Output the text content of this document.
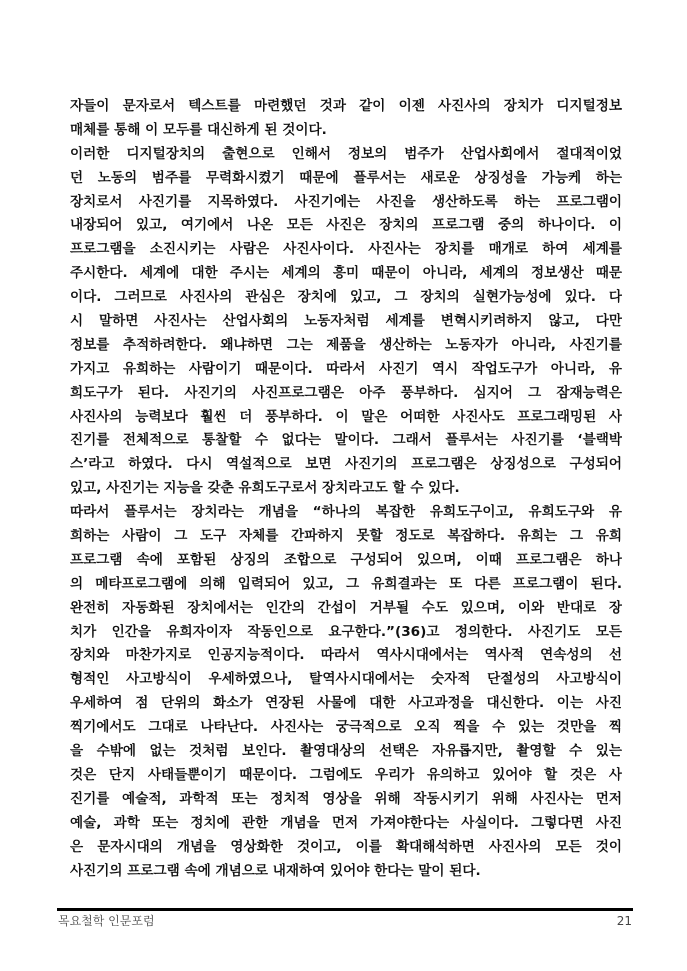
자들이 문자로서 텍스트를 마련했던 것과 같이 이젠 사진사의 장치가 디지털정보
매체를 통해 이 모두를 대신하게 된 것이다.
이러한 디지털장치의 출현으로 인해서 정보의 범주가 산업사회에서 절대적이었
던 노동의 범주를 무력화시켰기 때문에 플루서는 새로운 상징성을 가능케 하는
장치로서 사진기를 지목하였다. 사진기에는 사진을 생산하도록 하는 프로그램이
내장되어 있고, 여기에서 나온 모든 사진은 장치의 프로그램 중의 하나이다. 이
프로그램을 소진시키는 사람은 사진사이다. 사진사는 장치를 매개로 하여 세계를
주시한다. 세계에 대한 주시는 세계의 흥미 때문이 아니라, 세계의 정보생산 때문
이다. 그러므로 사진사의 관심은 장치에 있고, 그 장치의 실현가능성에 있다. 다
시 말하면 사진사는 산업사회의 노동자처럼 세계를 변혁시키려하지 않고, 다만
정보를 추적하려한다. 왜냐하면 그는 제품을 생산하는 노동자가 아니라, 사진기를
가지고 유희하는 사람이기 때문이다. 따라서 사진기 역시 작업도구가 아니라, 유
희도구가 된다. 사진기의 사진프로그램은 아주 풍부하다. 심지어 그 잠재능력은
사진사의 능력보다 훨씬 더 풍부하다. 이 말은 어떠한 사진사도 프로그래밍된 사
진기를 전체적으로 통찰할 수 없다는 말이다. 그래서 플루서는 사진기를 ‘블랙박
스’라고 하였다. 다시 역설적으로 보면 사진기의 프로그램은 상징성으로 구성되어
있고, 사진기는 지능을 갖춘 유희도구로서 장치라고도 할 수 있다.
따라서 플루서는 장치라는 개념을 “하나의 복잡한 유희도구이고, 유희도구와 유
희하는 사람이 그 도구 자체를 간파하지 못할 정도로 복잡하다. 유희는 그 유희
프로그램 속에 포함된 상징의 조합으로 구성되어 있으며, 이때 프로그램은 하나
의 메타프로그램에 의해 입력되어 있고, 그 유희결과는 또 다른 프로그램이 된다.
완전히 자동화된 장치에서는 인간의 간섭이 거부될 수도 있으며, 이와 반대로 장
치가 인간을 유희자이자 작동인으로 요구한다.”(36)고 정의한다. 사진기도 모든
장치와 마찬가지로 인공지능적이다. 따라서 역사시대에서는 역사적 연속성의 선
형적인 사고방식이 우세하였으나, 탈역사시대에서는 숫자적 단절성의 사고방식이
우세하여 점 단위의 화소가 연장된 사물에 대한 사고과정을 대신한다. 이는 사진
찍기에서도 그대로 나타난다. 사진사는 궁극적으로 오직 찍을 수 있는 것만을 찍
을 수밖에 없는 것처럼 보인다. 촬영대상의 선택은 자유롭지만, 촬영할 수 있는
것은 단지 사태들뿐이기 때문이다. 그럼에도 우리가 유의하고 있어야 할 것은 사
진기를 예술적, 과학적 또는 정치적 영상을 위해 작동시키기 위해 사진사는 먼저
예술, 과학 또는 정치에 관한 개념을 먼저 가져야한다는 사실이다. 그렇다면 사진
은 문자시대의 개념을 영상화한 것이고, 이를 확대해석하면 사진사의 모든 것이
사진기의 프로그램 속에 개념으로 내재하여 있어야 한다는 말이 된다.
목요철학 인문포럼	21
